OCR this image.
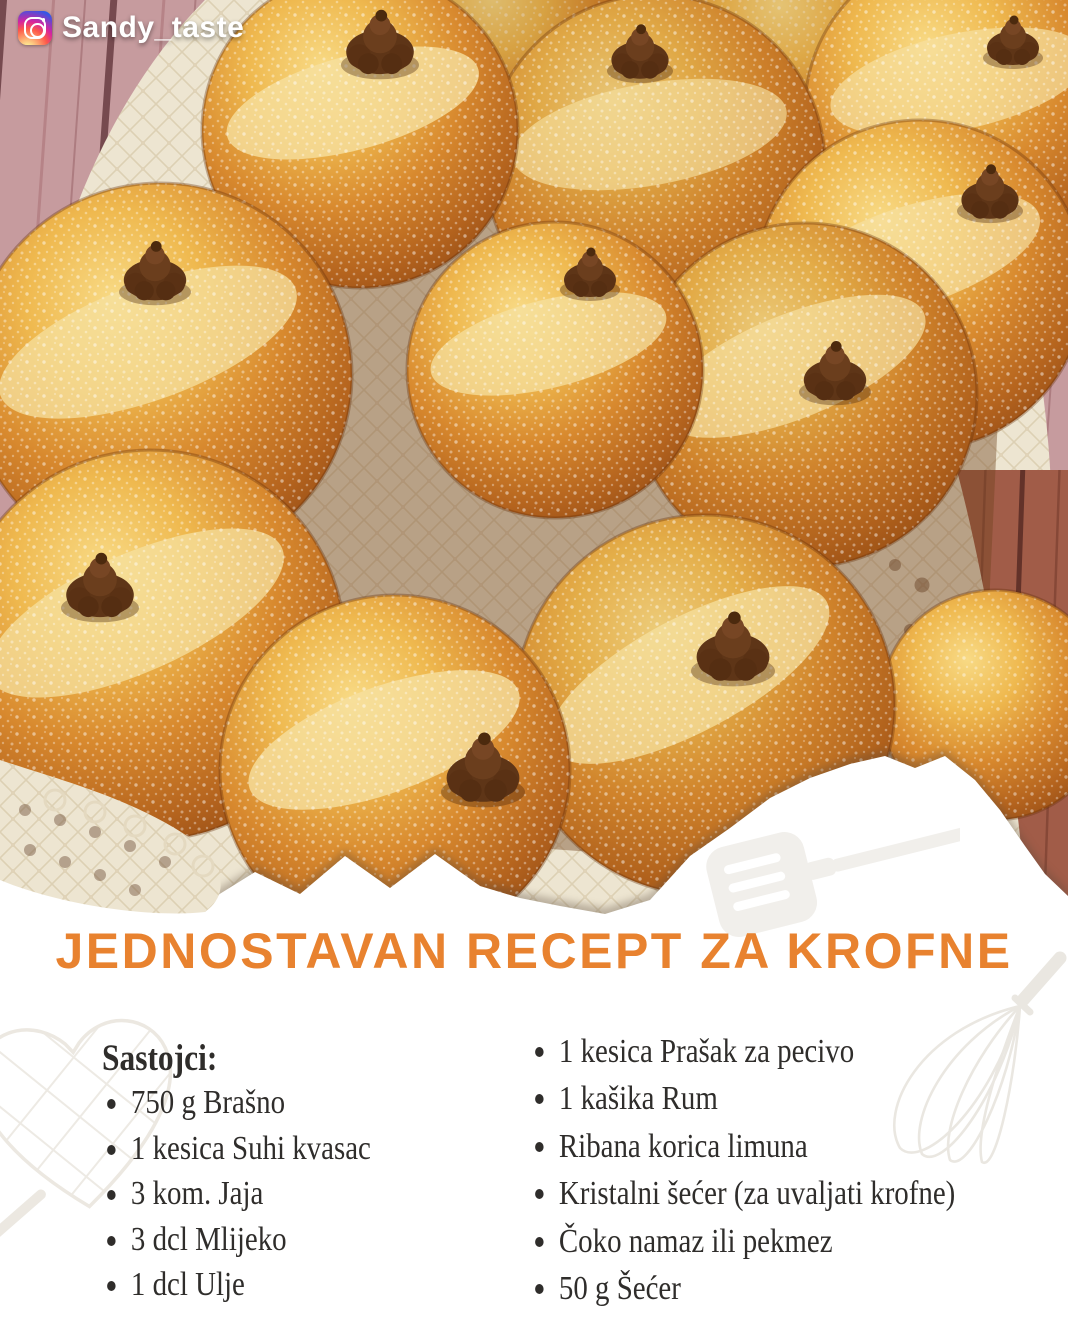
Sandy_taste
JEDNOSTAVAN RECEPT ZA KROFNE
Sastojci:
750 g Brašno
1 kesica Suhi kvasac
3 kom. Jaja
3 dcl Mlijeko
1 dcl Ulje
1 kesica Prašak za pecivo
1 kašika Rum
Ribana korica limuna
Kristalni šećer (za uvaljati krofne)
Čoko namaz ili pekmez
50 g Šećer
